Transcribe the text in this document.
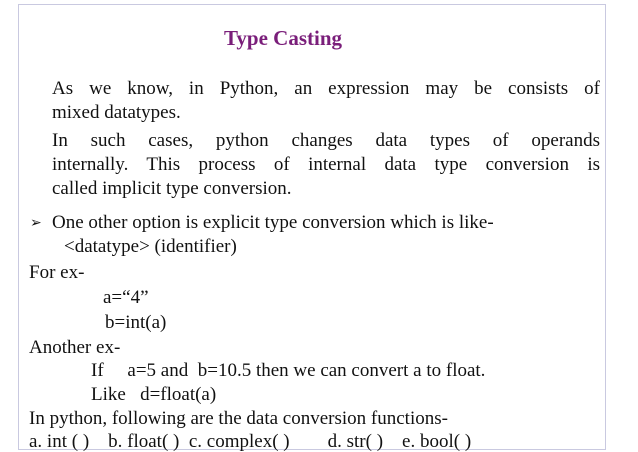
Type Casting
As we know, in Python, an expression may be consists of
mixed datatypes.
In such cases, python changes data types of operands
internally. This process of internal data type conversion is
called implicit type conversion.
➢ One other option is explicit type conversion which is like-
<datatype> (identifier)
For ex-
a=“4”
b=int(a)
Another ex-
If     a=5 and  b=10.5 then we can convert a to float.
Like   d=float(a)
In python, following are the data conversion functions-
a. int ( )    b. float( )  c. complex( )        d. str( )    e. bool( )
